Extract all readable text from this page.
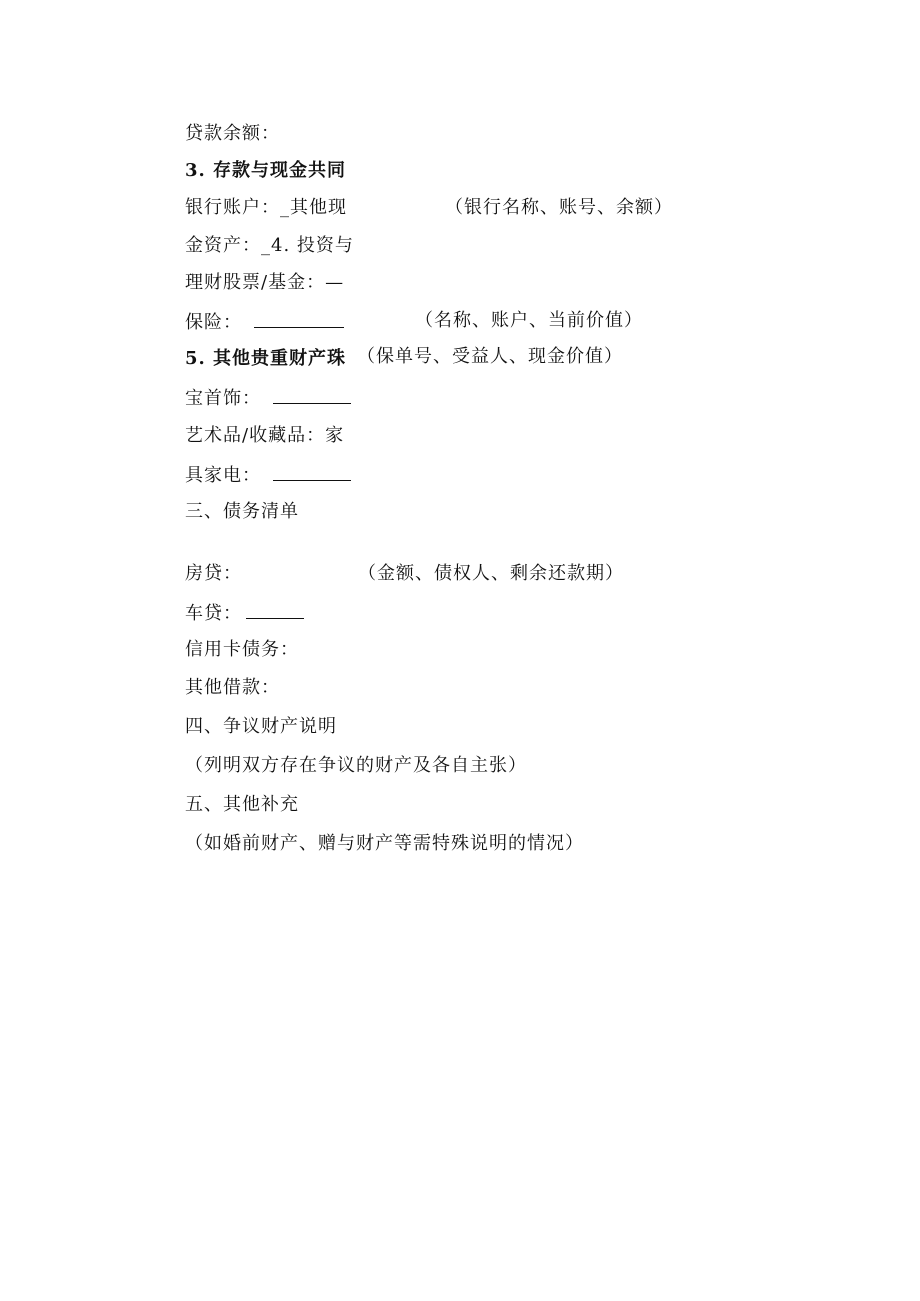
贷款余额：
3. 存款与现金共同
银行账户：_其他现	（银行名称、账号、余额）
金资产：_4. 投资与
理财股票/基金：—
保险：	（名称、账户、当前价值）
5. 其他贵重财产珠 （保单号、受益人、现金价值）
宝首饰：
艺术品/收藏品：家
具家电：
三、债务清单
房贷：	（金额、债权人、剩余还款期）
车贷：
信用卡债务：
其他借款：
四、争议财产说明
（列明双方存在争议的财产及各自主张）
五、其他补充
（如婚前财产、赠与财产等需特殊说明的情况）
